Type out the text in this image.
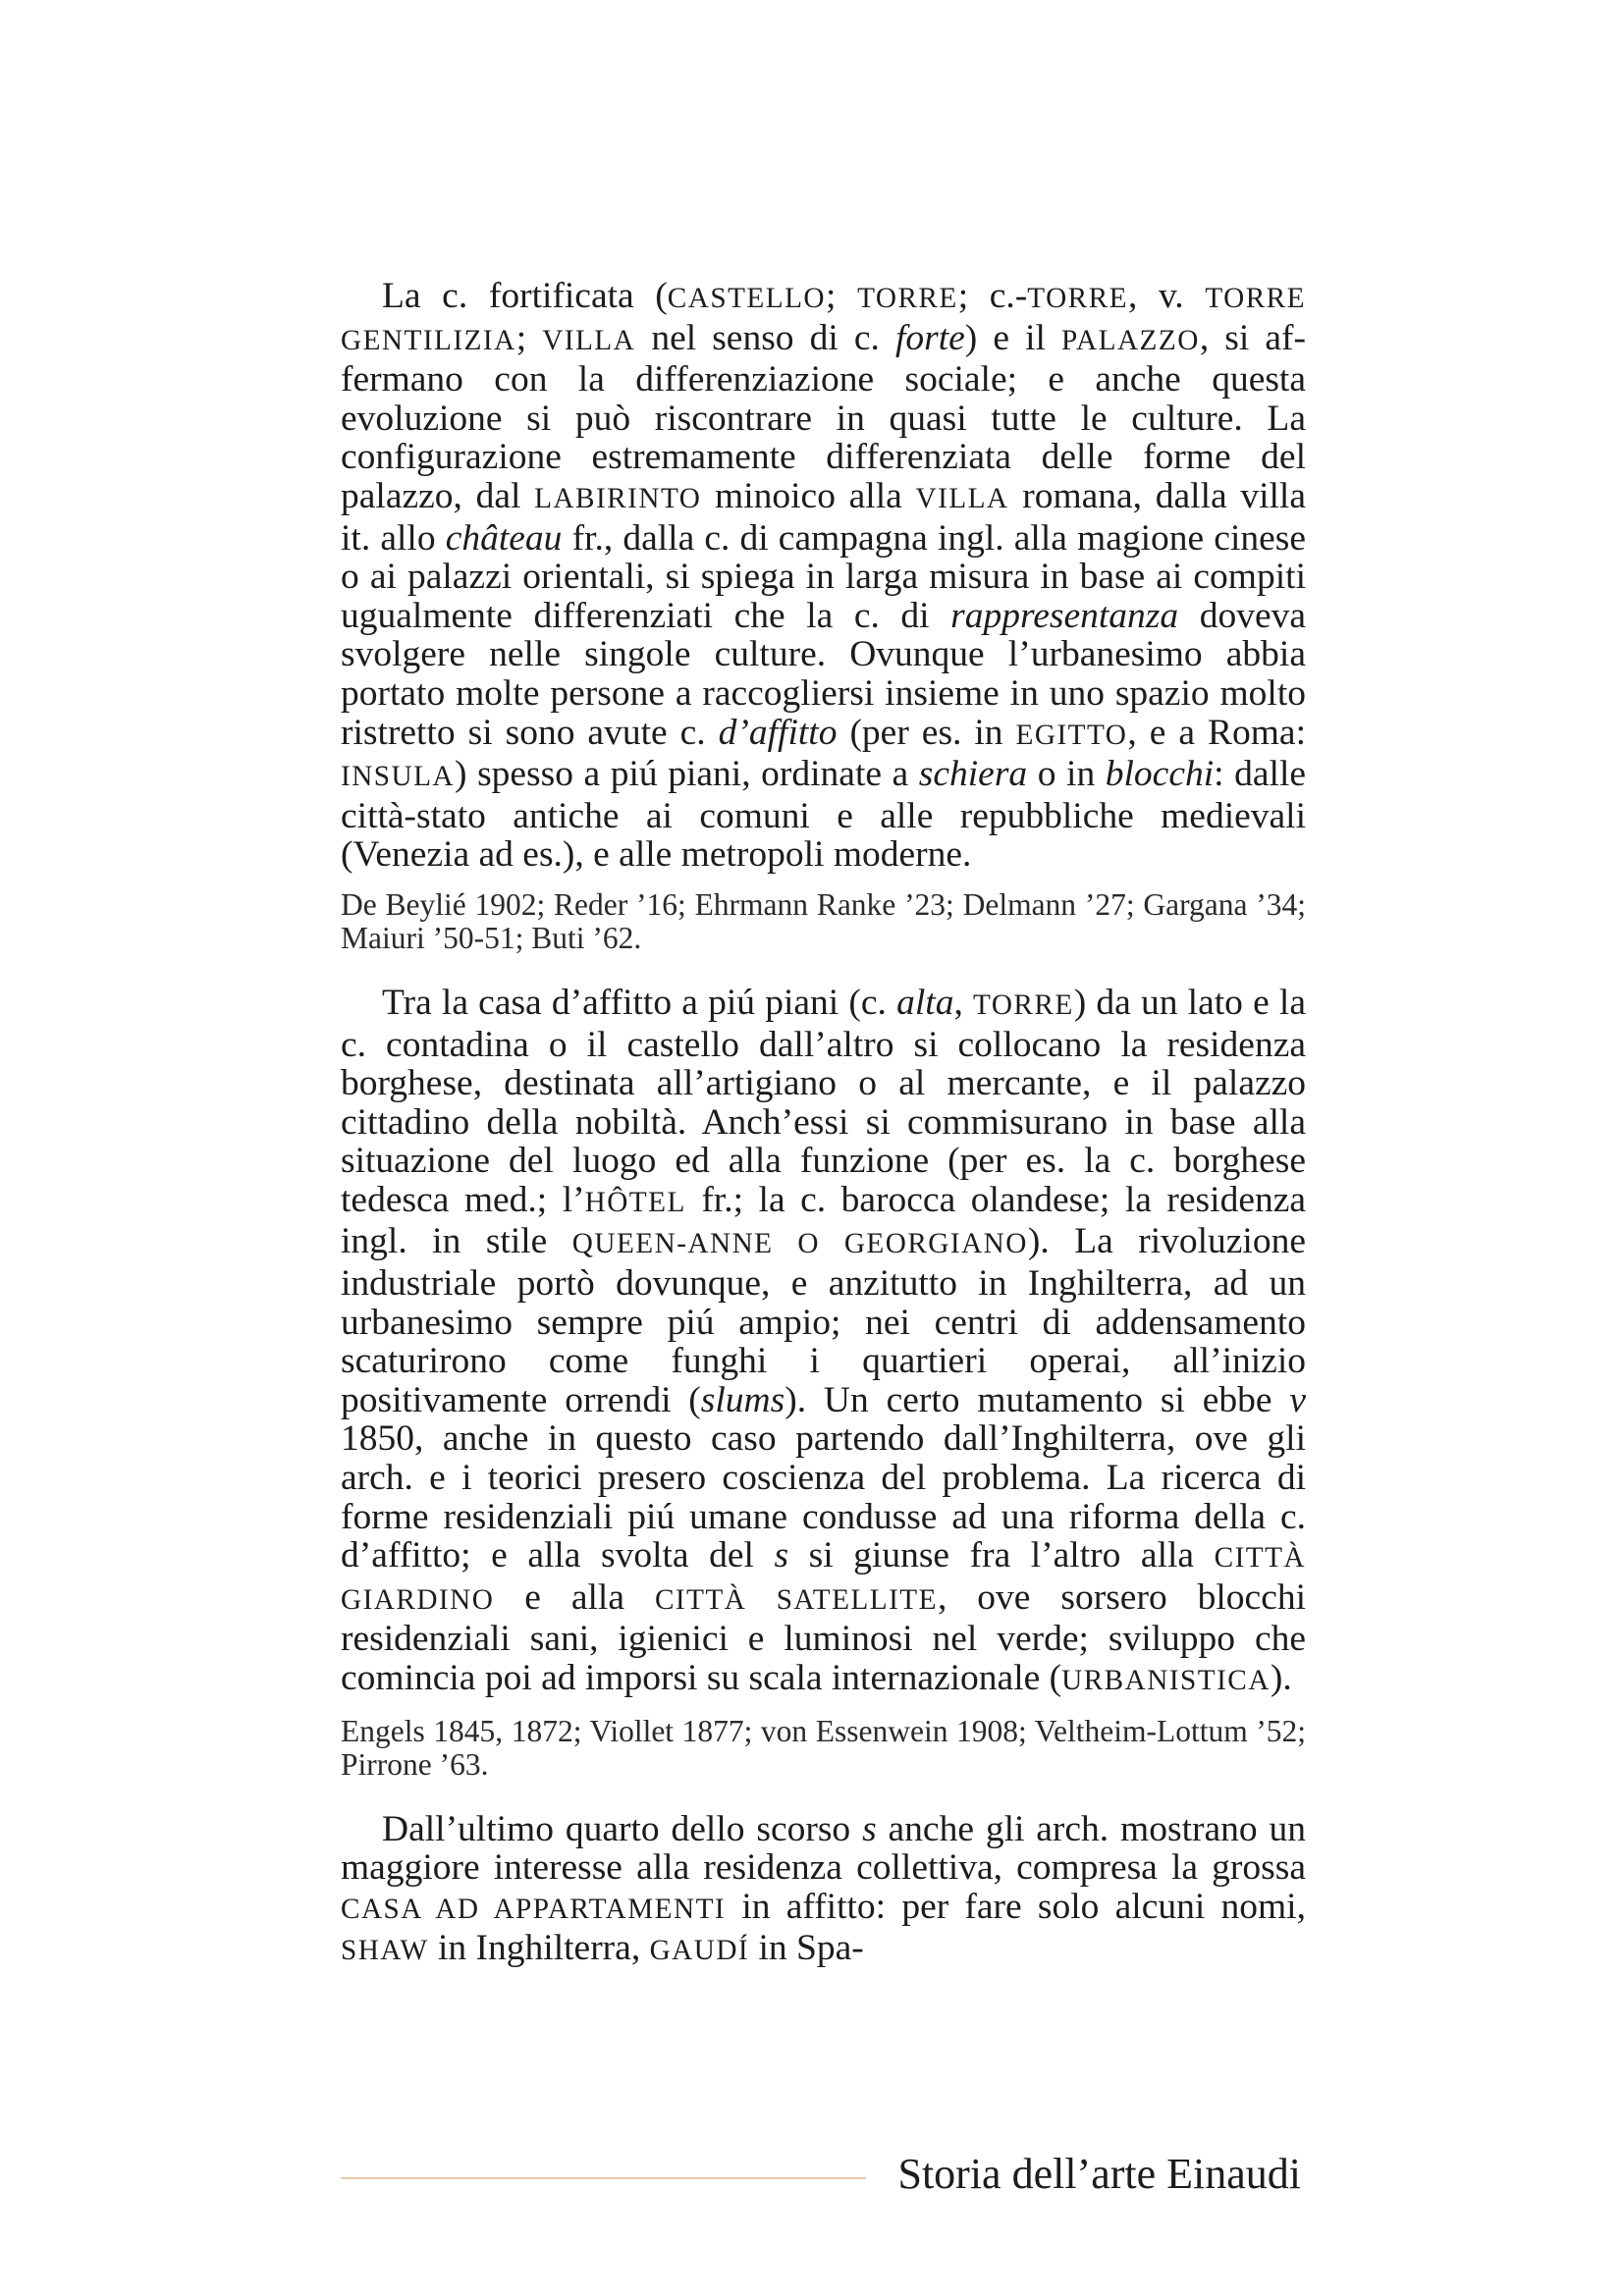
La c. fortificata (CASTELLO; TORRE; c.-TORRE, v. TORRE GENTILIZIA; VILLA nel senso di c. forte) e il PALAZZO, si affermano con la differenziazione sociale; e anche questa evoluzione si può riscontrare in quasi tutte le culture. La configurazione estremamente differenziata delle forme del palazzo, dal LABIRINTO minoico alla VILLA romana, dalla villa it. allo château fr., dalla c. di campagna ingl. alla magione cinese o ai palazzi orientali, si spiega in larga misura in base ai compiti ugualmente differenziati che la c. di rappresentanza doveva svolgere nelle singole culture. Ovunque l’urbanesimo abbia portato molte persone a raccogliersi insieme in uno spazio molto ristretto si sono avute c. d’affitto (per es. in EGITTO, e a Roma: INSULA) spesso a piú piani, ordinate a schiera o in blocchi: dalle città-stato antiche ai comuni e alle repubbliche medievali (Venezia ad es.), e alle metropoli moderne.

De Beylié 1902; Reder ’16; Ehrmann Ranke ’23; Delmann ’27; Gargana ’34; Maiuri ’50-51; Buti ’62.

Tra la casa d’affitto a piú piani (c. alta, TORRE) da un lato e la c. contadina o il castello dall’altro si collocano la residenza borghese, destinata all’artigiano o al mercante, e il palazzo cittadino della nobiltà. Anch’essi si commisurano in base alla situazione del luogo ed alla funzione (per es. la c. borghese tedesca med.; l’HÔTEL fr.; la c. barocca olandese; la residenza ingl. in stile QUEEN-ANNE O GEORGIANO). La rivoluzione industriale portò dovunque, e anzitutto in Inghilterra, ad un urbanesimo sempre piú ampio; nei centri di addensamento scaturirono come funghi i quartieri operai, all’inizio positivamente orrendi (slums). Un certo mutamento si ebbe v 1850, anche in questo caso partendo dall’Inghilterra, ove gli arch. e i teorici presero coscienza del problema. La ricerca di forme residenziali piú umane condusse ad una riforma della c. d’affitto; e alla svolta del s si giunse fra l’altro alla CITTÀ GIARDINO e alla CITTÀ SATELLITE, ove sorsero blocchi residenziali sani, igienici e luminosi nel verde; sviluppo che comincia poi ad imporsi su scala internazionale (URBANISTICA).

Engels 1845, 1872; Viollet 1877; von Essenwein 1908; Veltheim-Lottum ’52; Pirrone ’63.

Dall’ultimo quarto dello scorso s anche gli arch. mostrano un maggiore interesse alla residenza collettiva, compresa la grossa CASA AD APPARTAMENTI in affitto: per fare solo alcuni nomi, SHAW in Inghilterra, GAUDÍ in Spa-

Storia dell’arte Einaudi
